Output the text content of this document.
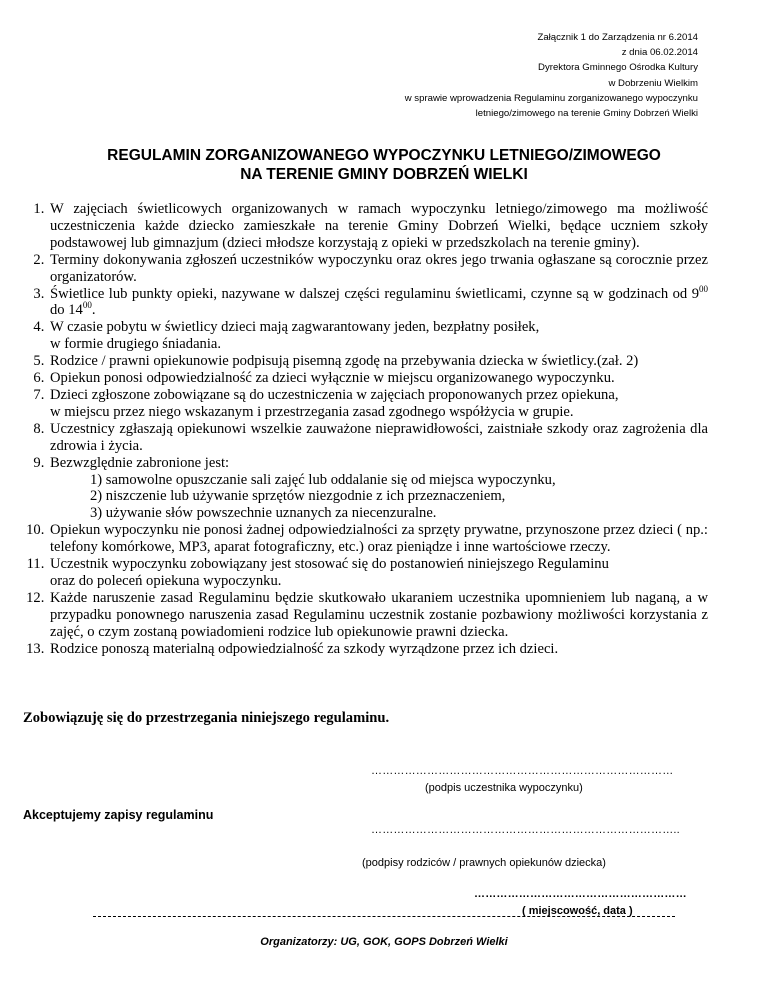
Załącznik 1 do Zarządzenia nr 6.2014
z dnia 06.02.2014
Dyrektora Gminnego Ośrodka Kultury
w Dobrzeniu Wielkim
w sprawie wprowadzenia Regulaminu zorganizowanego wypoczynku
letniego/zimowego na terenie Gminy Dobrzeń Wielki
REGULAMIN ZORGANIZOWANEGO WYPOCZYNKU LETNIEGO/ZIMOWEGO
NA TERENIE GMINY DOBRZEŃ WIELKI
1. W zajęciach świetlicowych organizowanych w ramach wypoczynku letniego/zimowego ma możliwość uczestniczenia każde dziecko zamieszkałe na terenie Gminy Dobrzeń Wielki, będące uczniem szkoły podstawowej lub gimnazjum (dzieci młodsze korzystają z opieki w przedszkolach na terenie gminy).
2. Terminy dokonywania zgłoszeń uczestników wypoczynku oraz okres jego trwania ogłaszane są corocznie przez organizatorów.
3. Świetlice lub punkty opieki, nazywane w dalszej części regulaminu świetlicami, czynne są w godzinach od $9^{00}$ do $14^{00}$.
4. W czasie pobytu w świetlicy dzieci mają zagwarantowany jeden, bezpłatny posiłek,
w formie drugiego śniadania.
5. Rodzice / prawni opiekunowie podpisują pisemną zgodę na przebywania dziecka w świetlicy.(zał. 2)
6. Opiekun ponosi odpowiedzialność za dzieci wyłącznie w miejscu organizowanego wypoczynku.
7. Dzieci zgłoszone zobowiązane są do uczestniczenia w zajęciach proponowanych przez opiekuna,
w miejscu przez niego wskazanym i przestrzegania zasad zgodnego współżycia w grupie.
8. Uczestnicy zgłaszają opiekunowi wszelkie zauważone nieprawidłowości, zaistniałe szkody oraz zagrożenia dla zdrowia i życia.
9. Bezwzględnie zabronione jest:
1) samowolne opuszczanie sali zajęć lub oddalanie się od miejsca wypoczynku,
2) niszczenie lub używanie sprzętów niezgodnie z ich przeznaczeniem,
3) używanie słów powszechnie uznanych za niecenzuralne.
10. Opiekun wypoczynku nie ponosi żadnej odpowiedzialności za sprzęty prywatne, przynoszone przez dzieci ( np.: telefony komórkowe, MP3, aparat fotograficzny, etc.) oraz pieniądze i inne wartościowe rzeczy.
11. Uczestnik wypoczynku zobowiązany jest stosować się do postanowień niniejszego Regulaminu
oraz do poleceń opiekuna wypoczynku.
12. Każde naruszenie zasad Regulaminu będzie skutkowało ukaraniem uczestnika upomnieniem lub naganą, a w przypadku ponownego naruszenia zasad Regulaminu uczestnik zostanie pozbawiony możliwości korzystania z zajęć, o czym zostaną powiadomieni rodzice lub opiekunowie prawni dziecka.
13. Rodzice ponoszą materialną odpowiedzialność za szkody wyrządzone przez ich dzieci.
Zobowiązuję się do przestrzegania niniejszego regulaminu.
………………………………………………………………………
(podpis uczestnika wypoczynku)
Akceptujemy zapisy regulaminu
………………………………………………………………………..
(podpisy rodziców / prawnych opiekunów dziecka)
…………………………………………………
( miejscowość, data )
Organizatorzy: UG, GOK, GOPS Dobrzeń Wielki
